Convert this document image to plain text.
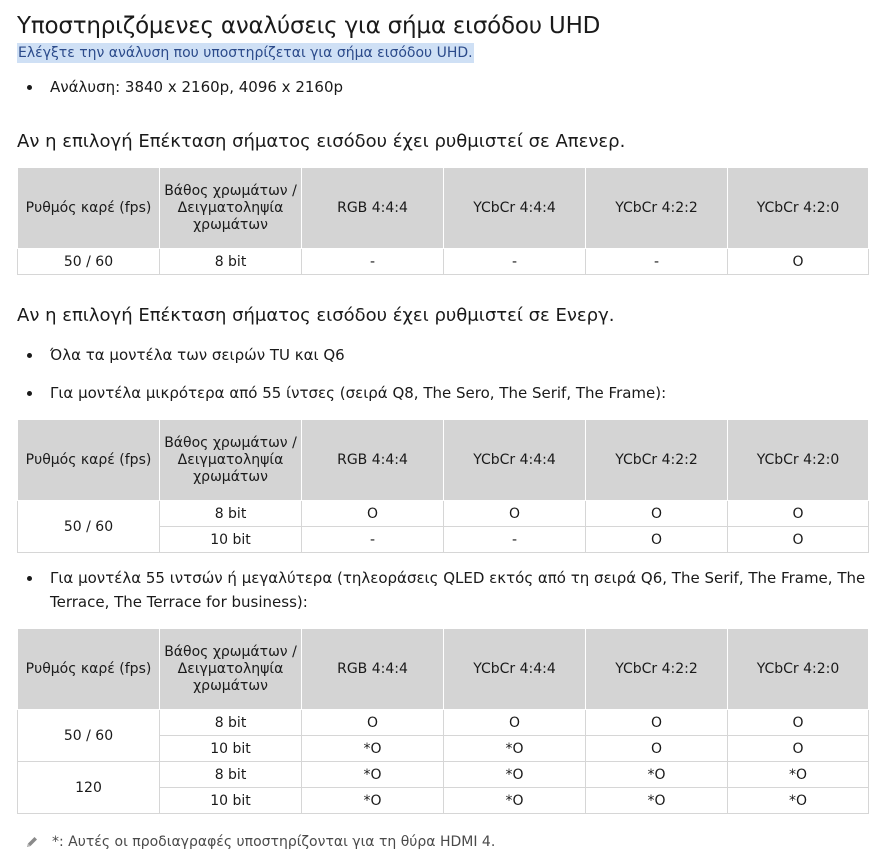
Υποστηριζόμενες αναλύσεις για σήμα εισόδου UHD
Ελέγξτε την ανάλυση που υποστηρίζεται για σήμα εισόδου UHD.
Ανάλυση: 3840 x 2160p, 4096 x 2160p
Αν η επιλογή Επέκταση σήματος εισόδου έχει ρυθμιστεί σε Απενερ.
Ρυθμός καρέ (fps)	Βάθος χρωμάτων / Δειγματοληψία χρωμάτων	RGB 4:4:4	YCbCr 4:4:4	YCbCr 4:2:2	YCbCr 4:2:0
50 / 60	8 bit	-	-	-	O
Αν η επιλογή Επέκταση σήματος εισόδου έχει ρυθμιστεί σε Ενεργ.
Όλα τα μοντέλα των σειρών TU και Q6
Για μοντέλα μικρότερα από 55 ίντσες (σειρά Q8, The Sero, The Serif, The Frame):
Ρυθμός καρέ (fps)	Βάθος χρωμάτων / Δειγματοληψία χρωμάτων	RGB 4:4:4	YCbCr 4:4:4	YCbCr 4:2:2	YCbCr 4:2:0
50 / 60	8 bit	O	O	O	O
	10 bit	-	-	O	O
Για μοντέλα 55 ιντσών ή μεγαλύτερα (τηλεοράσεις QLED εκτός από τη σειρά Q6, The Serif, The Frame, The Terrace, The Terrace for business):
Ρυθμός καρέ (fps)	Βάθος χρωμάτων / Δειγματοληψία χρωμάτων	RGB 4:4:4	YCbCr 4:4:4	YCbCr 4:2:2	YCbCr 4:2:0
50 / 60	8 bit	O	O	O	O
	10 bit	*O	*O	O	O
120	8 bit	*O	*O	*O	*O
	10 bit	*O	*O	*O	*O
*: Αυτές οι προδιαγραφές υποστηρίζονται για τη θύρα HDMI 4.
